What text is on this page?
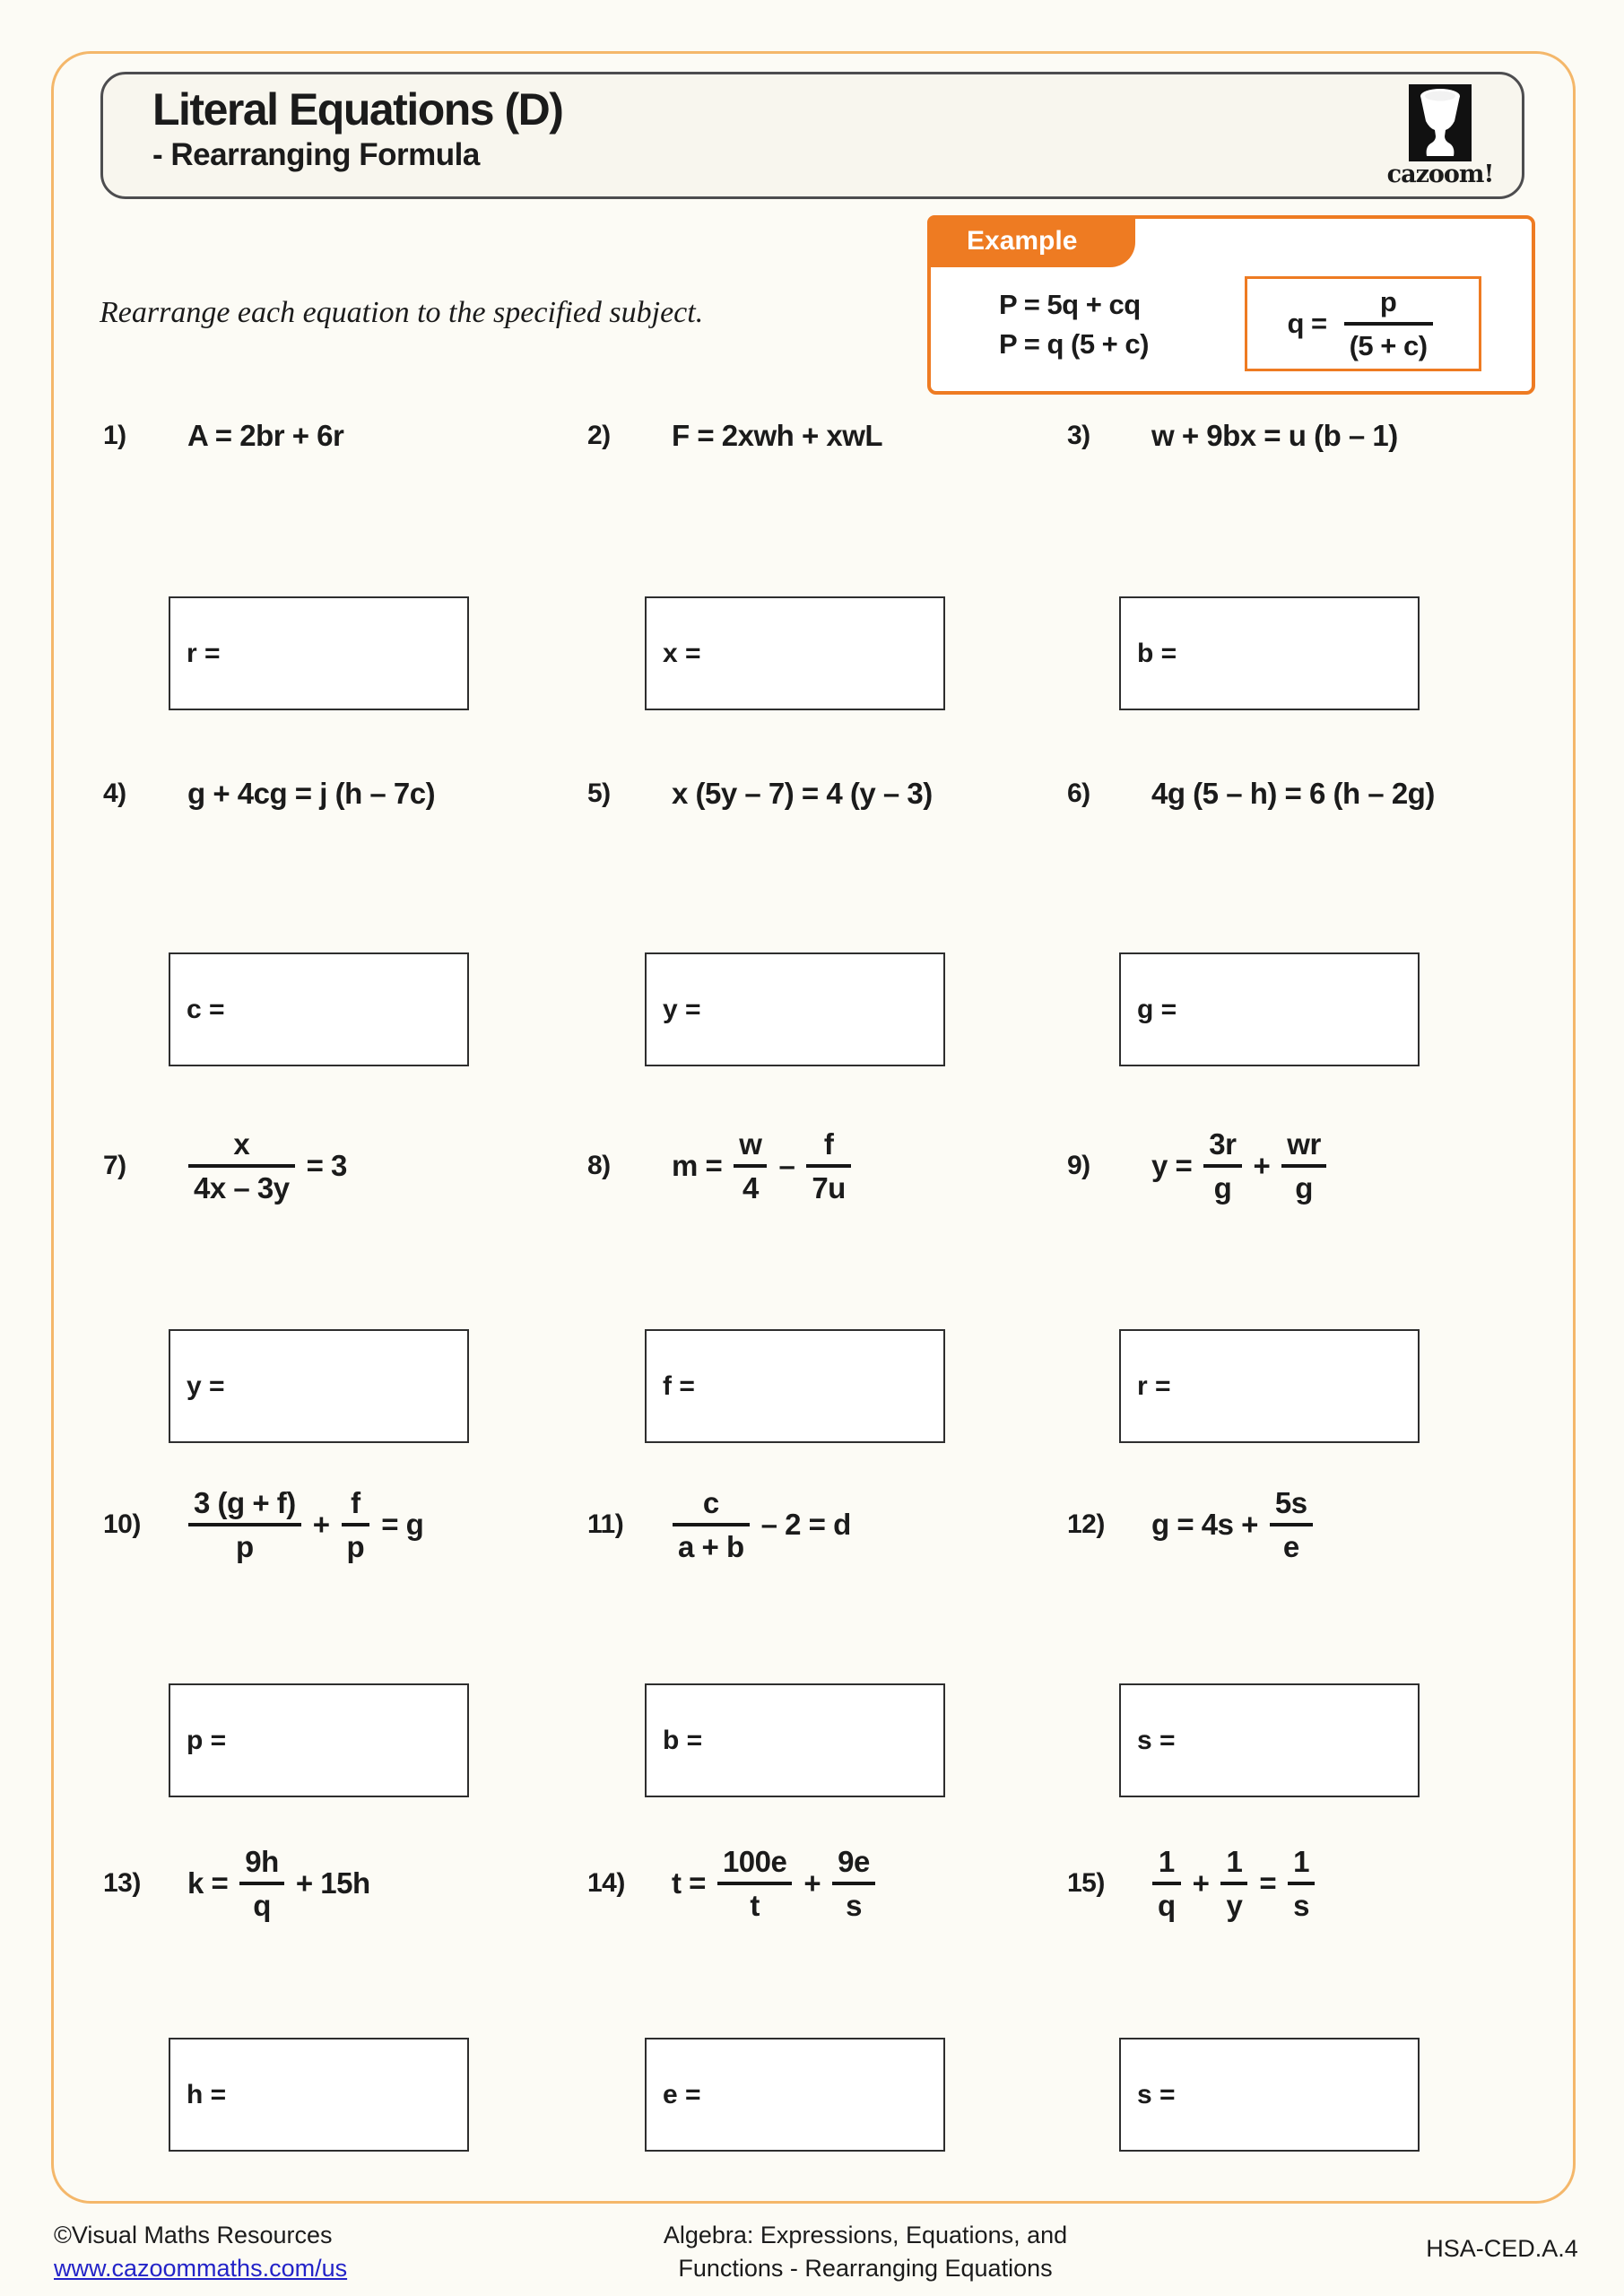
Literal Equations (D)
- Rearranging Formula
cazoom!
Example
P = 5q + cq
P = q (5 + c)
$q = \frac{p}{(5 + c)}$
Rearrange each equation to the specified subject.
1)	A = 2br + 6r
r =
2)	F = 2xwh + xwL
x =
3)	w + 9bx = u (b – 1)
b =
4)	g + 4cg = j (h – 7c)
c =
5)	x (5y – 7) = 4 (y – 3)
y =
6)	4g (5 – h) = 6 (h – 2g)
g =
7)	$\frac{x}{4x - 3y} = 3$
y =
8)	$m = \frac{w}{4} - \frac{f}{7u}$
f =
9)	$y = \frac{3r}{g} + \frac{wr}{g}$
r =
10)	$\frac{3 (g + f)}{p} + \frac{f}{p} = g$
p =
11)	$\frac{c}{a + b} - 2 = d$
b =
12)	$g = 4s + \frac{5s}{e}$
s =
13)	$k = \frac{9h}{q} + 15h$
h =
14)	$t = \frac{100e}{t} + \frac{9e}{s}$
e =
15)	$\frac{1}{q} + \frac{1}{y} = \frac{1}{s}$
s =
©Visual Maths Resources
www.cazoommaths.com/us
Algebra: Expressions, Equations, and
Functions - Rearranging Equations
HSA-CED.A.4
